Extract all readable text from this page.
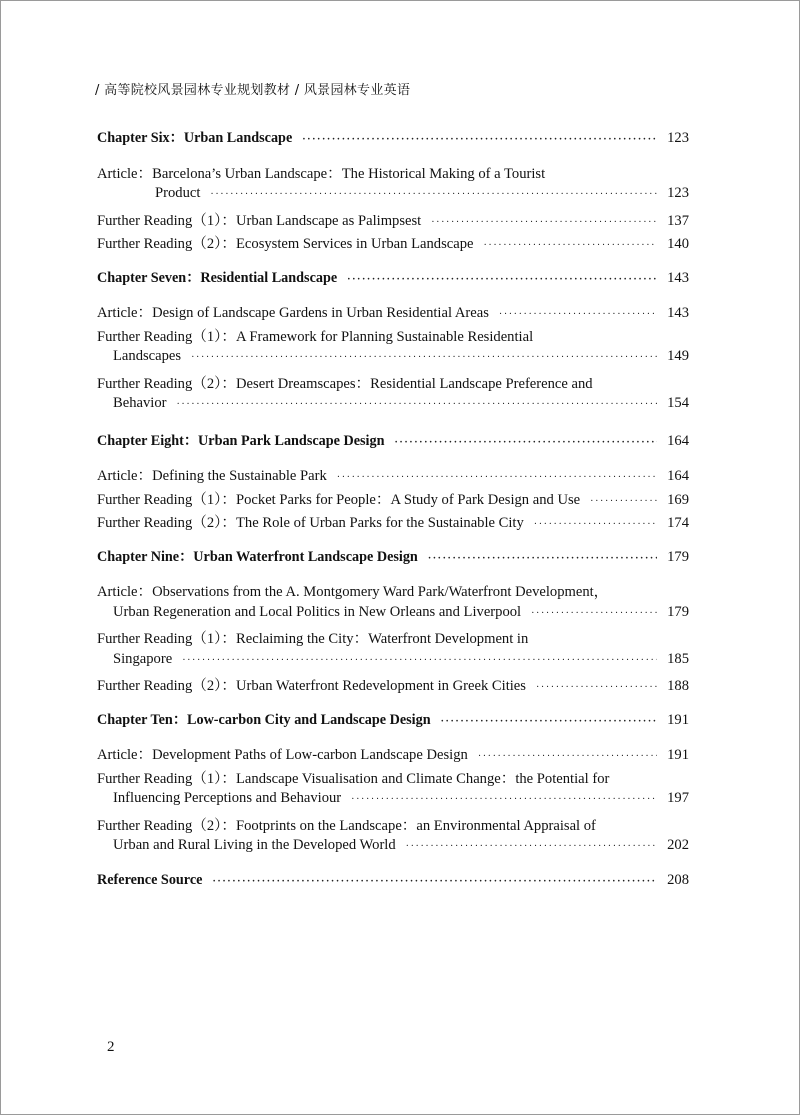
/ 高等院校风景园林专业规划教材 / 风景园林专业英语
Chapter Six：Urban Landscape ·····	123
Article：Barcelona’s Urban Landscape：The Historical Making of a Tourist
Product ·····	123
Further Reading（1）：Urban Landscape as Palimpsest ·····	137
Further Reading（2）：Ecosystem Services in Urban Landscape ·····	140
Chapter Seven：Residential Landscape ·····	143
Article：Design of Landscape Gardens in Urban Residential Areas ·····	143
Further Reading（1）：A Framework for Planning Sustainable Residential
Landscapes ·····	149
Further Reading（2）：Desert Dreamscapes：Residential Landscape Preference and
Behavior ·····	154
Chapter Eight：Urban Park Landscape Design ·····	164
Article：Defining the Sustainable Park ·····	164
Further Reading（1）：Pocket Parks for People：A Study of Park Design and Use ·····	169
Further Reading（2）：The Role of Urban Parks for the Sustainable City ·····	174
Chapter Nine：Urban Waterfront Landscape Design ·····	179
Article：Observations from the A. Montgomery Ward Park/Waterfront Development，
Urban Regeneration and Local Politics in New Orleans and Liverpool ·····	179
Further Reading（1）：Reclaiming the City：Waterfront Development in
Singapore ·····	185
Further Reading（2）：Urban Waterfront Redevelopment in Greek Cities ·····	188
Chapter Ten：Low-carbon City and Landscape Design ·····	191
Article：Development Paths of Low-carbon Landscape Design ·····	191
Further Reading（1）：Landscape Visualisation and Climate Change：the Potential for
Influencing Perceptions and Behaviour ·····	197
Further Reading（2）：Footprints on the Landscape：an Environmental Appraisal of
Urban and Rural Living in the Developed World ·····	202
Reference Source ·····	208
2
